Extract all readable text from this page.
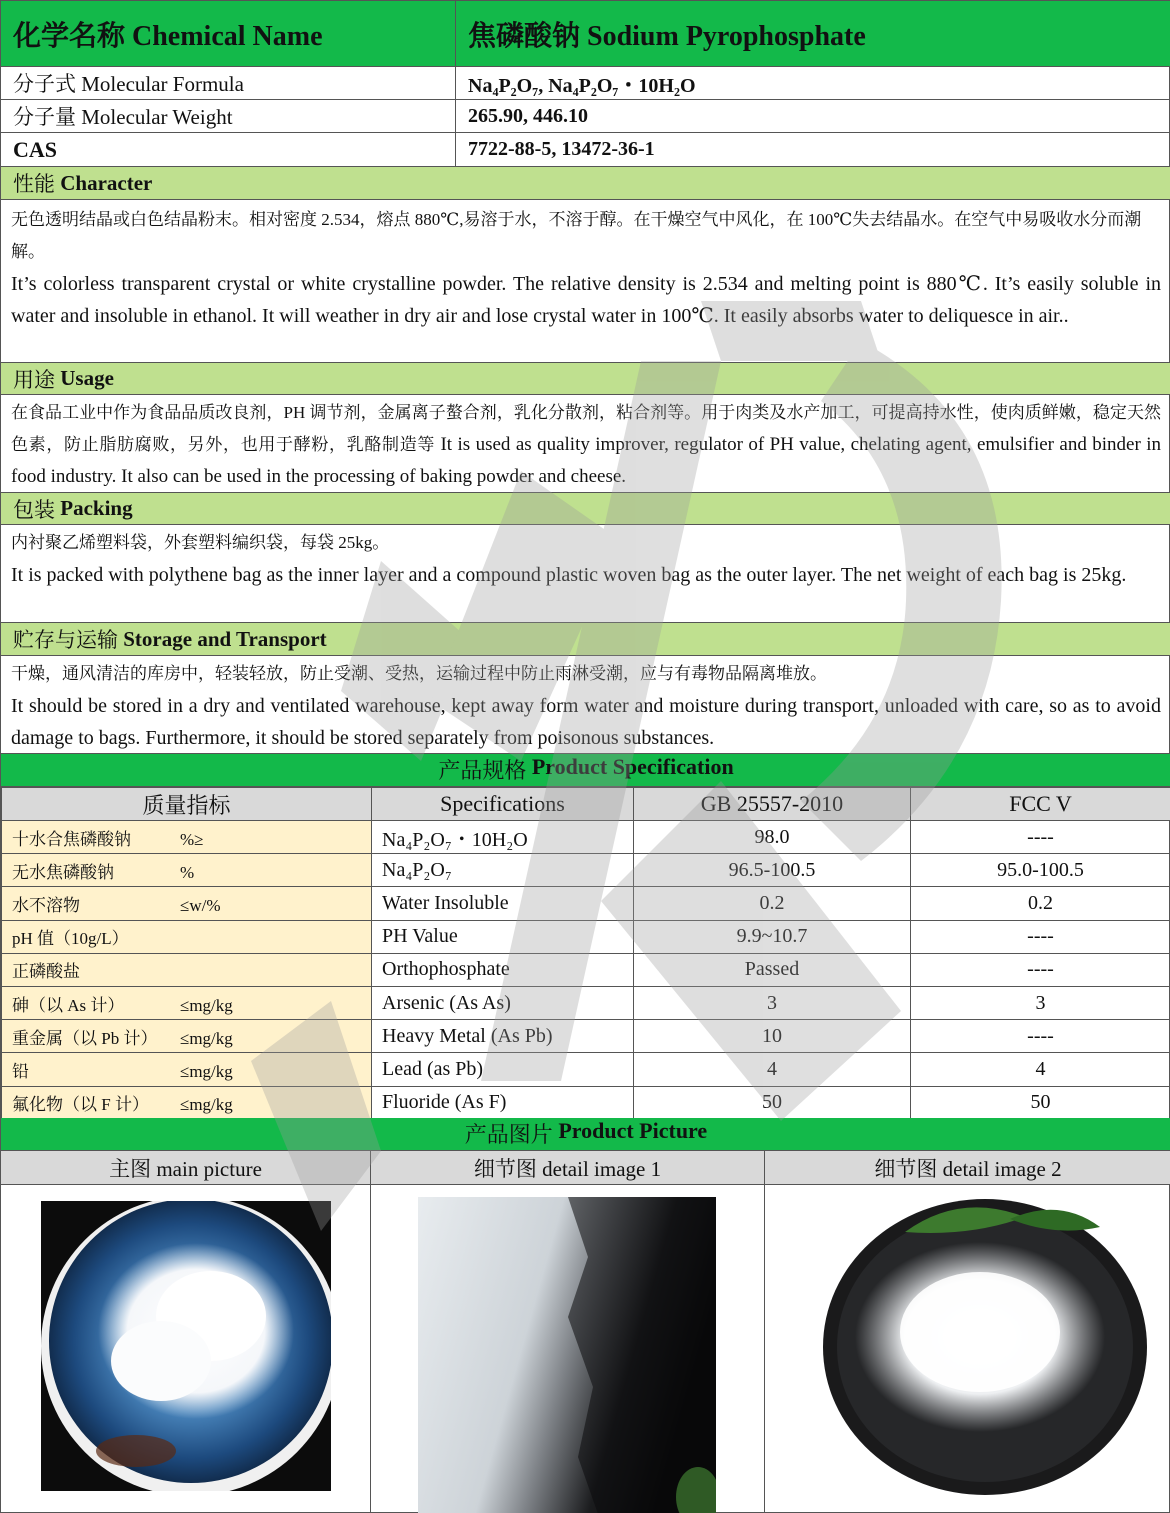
化学名称 Chemical Name	焦磷酸钠 Sodium Pyrophosphate
分子式 Molecular Formula	Na₄P₂O₇, Na₄P₂O₇・10H₂O
分子量 Molecular Weight	265.90, 446.10
CAS	7722-88-5, 13472-36-1
性能
Character
无色透明结晶或白色结晶粉末。相对密度 2.534，熔点 880℃,易溶于水，不溶于醇。在干燥空气中风化，在 100℃失去结晶水。在空气中易吸收水分而潮解。
It’s colorless transparent crystal or white crystalline powder. The relative density is 2.534 and melting point is 880℃. It’s easily soluble in water and insoluble in ethanol. It will weather in dry air and lose crystal water in 100℃. It easily absorbs water to deliquesce in air..
用途
Usage
在食品工业中作为食品品质改良剂，PH 调节剂，金属离子螯合剂，乳化分散剂，粘合剂等。用于肉类及水产加工，可提高持水性，使肉质鲜嫩，稳定天然色素，防止脂肪腐败，另外，也用于酵粉，乳酪制造等 It is used as quality improver, regulator of PH value, chelating agent, emulsifier and binder in food industry. It also can be used in the processing of baking powder and cheese.
包装
Packing
内衬聚乙烯塑料袋，外套塑料编织袋，每袋 25kg。
It is packed with polythene bag as the inner layer and a compound plastic woven bag as the outer layer. The net weight of each bag is 25kg.
贮存与运输
Storage and Transport
干燥，通风清洁的库房中，轻装轻放，防止受潮、受热，运输过程中防止雨淋受潮，应与有毒物品隔离堆放。
It should be stored in a dry and ventilated warehouse, kept away form water and moisture during transport, unloaded with care, so as to avoid damage to bags. Furthermore, it should be stored separately from poisonous substances.
产品规格
Product Specification
质量指标	Specifications	GB 25557-2010	FCC V
十水合焦磷酸钠 %≥	Na₄P₂O₇・10H₂O	98.0	----
无水焦磷酸钠 %	Na₄P₂O₇	96.5-100.5	95.0-100.5
水不溶物 ≤w/%	Water Insoluble	0.2	0.2
pH 值（10g/L）	PH Value	9.9~10.7	----
正磷酸盐	Orthophosphate	Passed	----
砷（以 As 计） ≤mg/kg	Arsenic (As As)	3	3
重金属（以 Pb 计） ≤mg/kg	Heavy Metal (As Pb)	10	----
铅 ≤mg/kg	Lead (as Pb)	4	4
氟化物（以 F 计） ≤mg/kg	Fluoride (As F)	50	50
产品图片
Product Picture
主图 main picture	细节图 detail image 1	细节图 detail image 2
